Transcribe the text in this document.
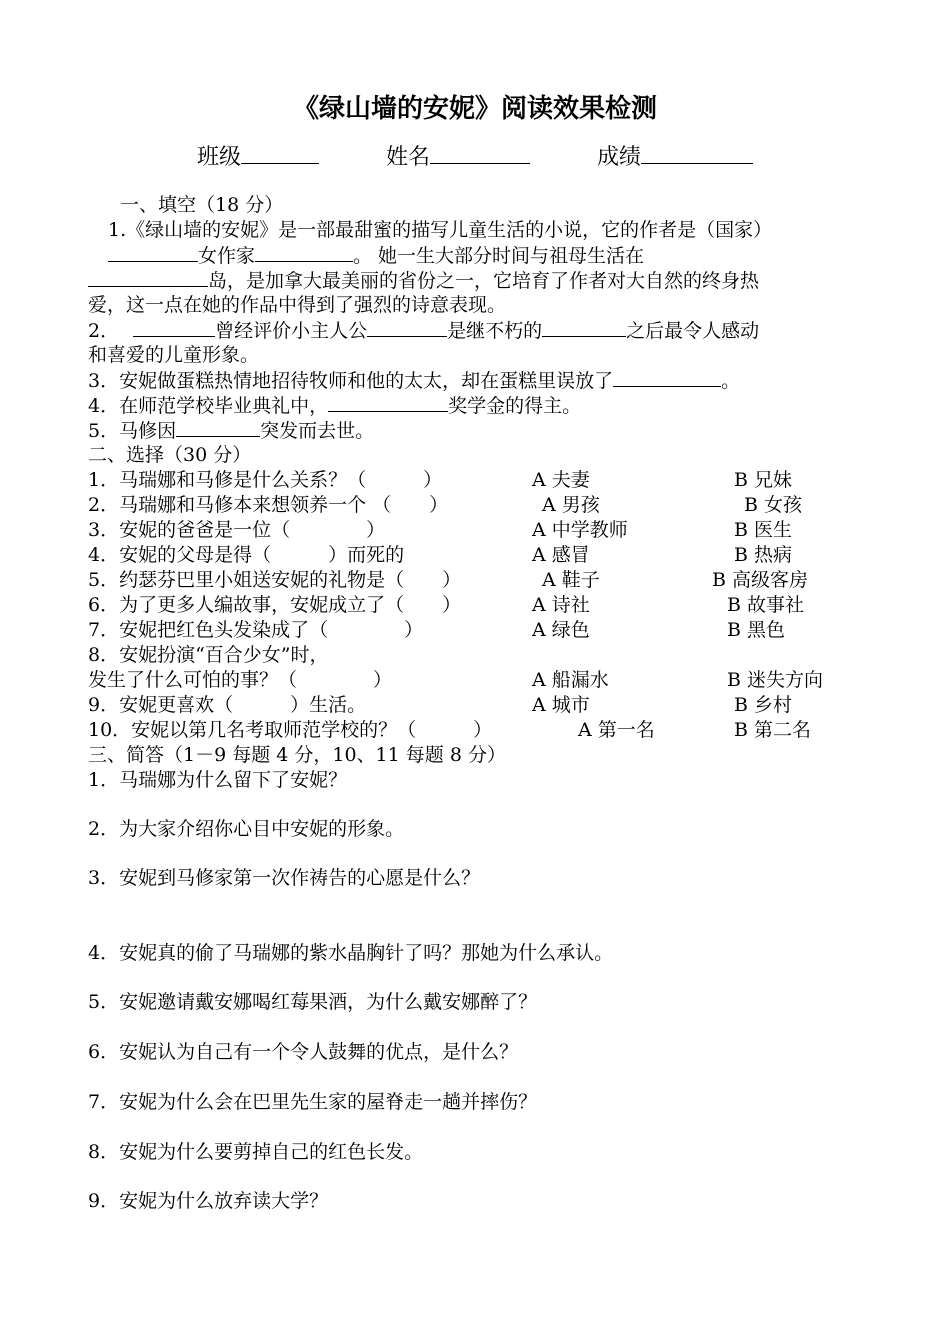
《绿山墙的安妮》阅读效果检测
班级	姓名	成绩
一、填空（18 分）
1.《绿山墙的安妮》是一部最甜蜜的描写儿童生活的小说，它的作者是（国家）
女作家	。 她一生大部分时间与祖母生活在
岛，是加拿大最美丽的省份之一，它培育了作者对大自然的终身热
爱，这一点在她的作品中得到了强烈的诗意表现。
2．	曾经评价小主人公	是继不朽的	之后最令人感动
和喜爱的儿童形象。
3．安妮做蛋糕热情地招待牧师和他的太太，却在蛋糕里误放了	。
4．在师范学校毕业典礼中，	奖学金的得主。
5．马修因	突发而去世。
二、选择（30 分）
1．马瑞娜和马修是什么关系？（　　　）	A 夫妻	B 兄妹
2．马瑞娜和马修本来想领养一个 （　　）	A 男孩	B 女孩
3．安妮的爸爸是一位（　　　　）	A 中学教师	B 医生
4．安妮的父母是得（　　　）而死的	A 感冒	B 热病
5．约瑟芬巴里小姐送安妮的礼物是（　　）	A 鞋子	B 高级客房
6．为了更多人编故事，安妮成立了（　　）	A 诗社	B 故事社
7．安妮把红色头发染成了（　　　　）	A 绿色	B 黑色
8．安妮扮演“百合少女”时，
发生了什么可怕的事？（　　　　）	A 船漏水	B 迷失方向
9．安妮更喜欢（　　　）生活。	A 城市	B 乡村
10．安妮以第几名考取师范学校的？（　　　）	A 第一名	B 第二名
三、简答（1－9 每题 4 分，10、11 每题 8 分）
1．马瑞娜为什么留下了安妮？
2．为大家介绍你心目中安妮的形象。
3．安妮到马修家第一次作祷告的心愿是什么？
4．安妮真的偷了马瑞娜的紫水晶胸针了吗？那她为什么承认。
5．安妮邀请戴安娜喝红莓果酒，为什么戴安娜醉了？
6．安妮认为自己有一个令人鼓舞的优点，是什么？
7．安妮为什么会在巴里先生家的屋脊走一趟并摔伤？
8．安妮为什么要剪掉自己的红色长发。
9．安妮为什么放弃读大学？
